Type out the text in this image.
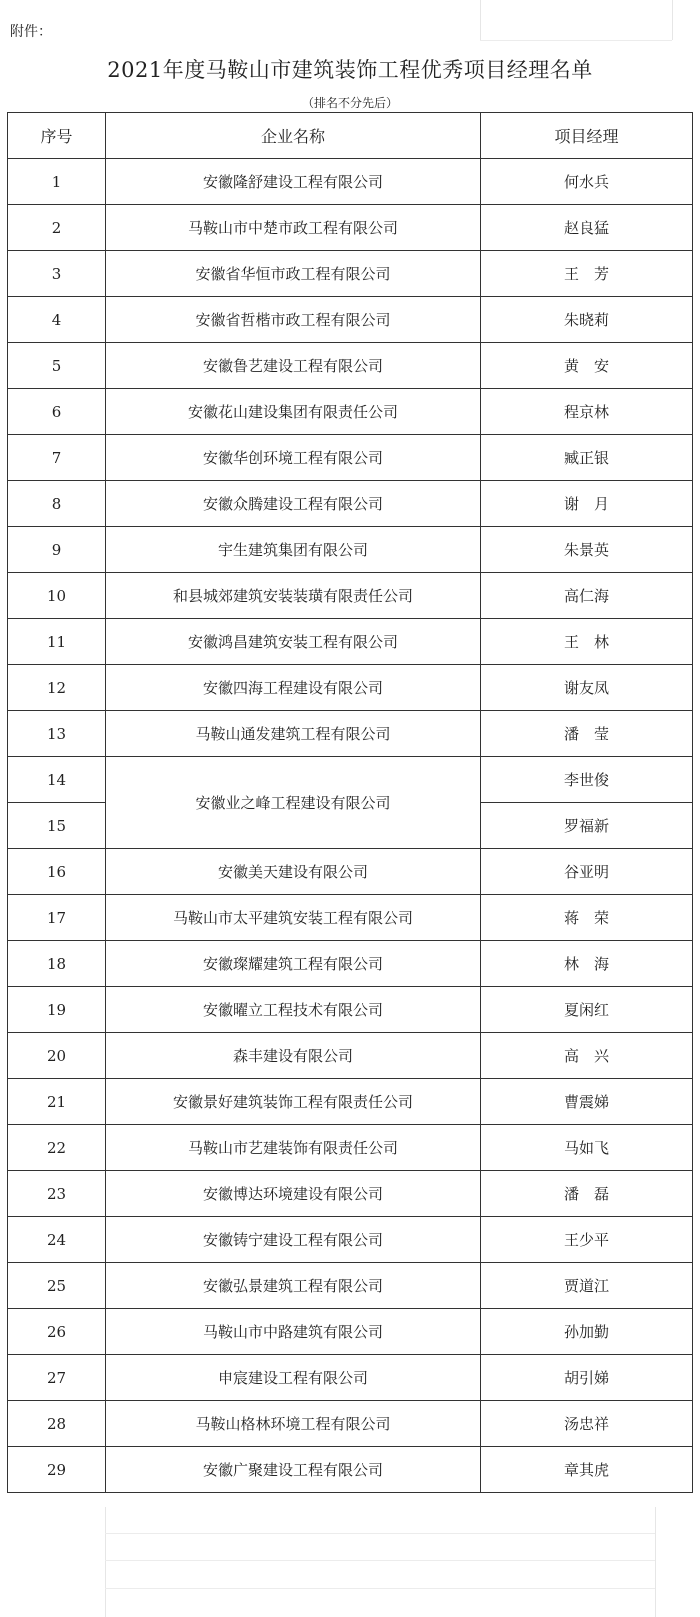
附件：
2021年度马鞍山市建筑装饰工程优秀项目经理名单
（排名不分先后）
序号	企业名称	项目经理
1	安徽隆舒建设工程有限公司	何水兵
2	马鞍山市中楚市政工程有限公司	赵良猛
3	安徽省华恒市政工程有限公司	王　芳
4	安徽省哲楷市政工程有限公司	朱晓莉
5	安徽鲁艺建设工程有限公司	黄　安
6	安徽花山建设集团有限责任公司	程京林
7	安徽华创环境工程有限公司	臧正银
8	安徽众腾建设工程有限公司	谢　月
9	宇生建筑集团有限公司	朱景英
10	和县城郊建筑安装装璜有限责任公司	高仁海
11	安徽鸿昌建筑安装工程有限公司	王　林
12	安徽四海工程建设有限公司	谢友凤
13	马鞍山通发建筑工程有限公司	潘　莹
14	安徽业之峰工程建设有限公司	李世俊
15		罗福新
16	安徽美天建设有限公司	谷亚明
17	马鞍山市太平建筑安装工程有限公司	蒋　荣
18	安徽璨耀建筑工程有限公司	林　海
19	安徽曜立工程技术有限公司	夏闲红
20	森丰建设有限公司	高　兴
21	安徽景好建筑装饰工程有限责任公司	曹震娣
22	马鞍山市艺建装饰有限责任公司	马如飞
23	安徽博达环境建设有限公司	潘　磊
24	安徽铸宁建设工程有限公司	王少平
25	安徽弘景建筑工程有限公司	贾道江
26	马鞍山市中路建筑有限公司	孙加勤
27	申宸建设工程有限公司	胡引娣
28	马鞍山格林环境工程有限公司	汤忠祥
29	安徽广聚建设工程有限公司	章其虎
